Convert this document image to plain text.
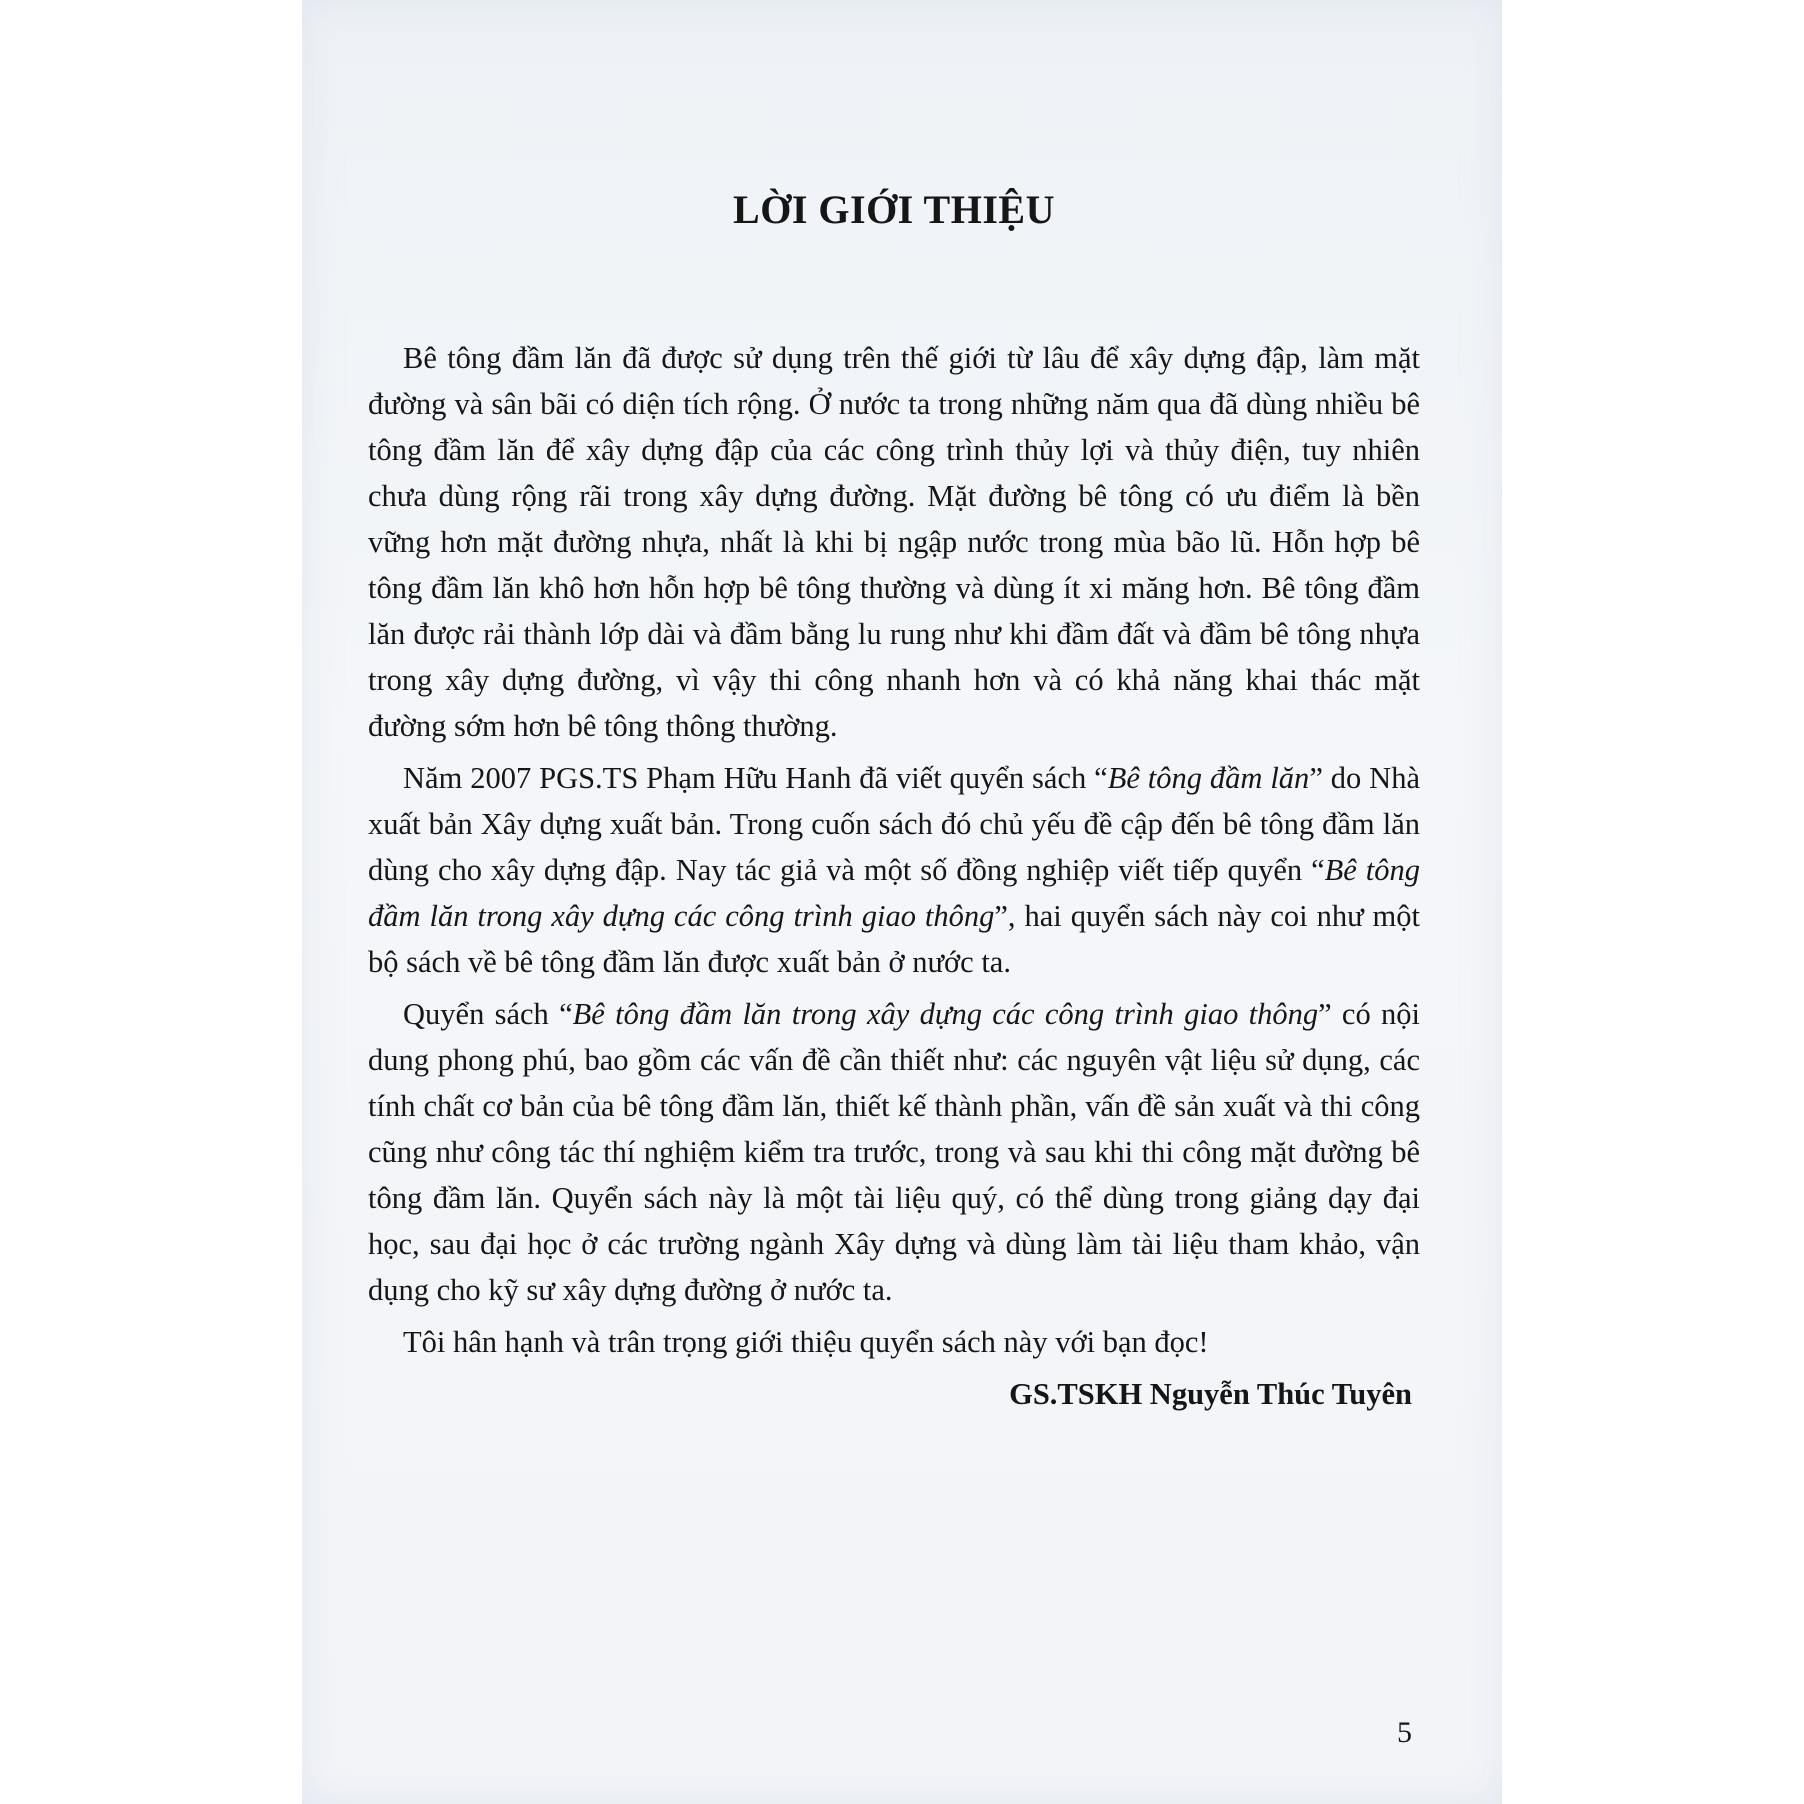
LỜI GIỚI THIỆU

Bê tông đầm lăn đã được sử dụng trên thế giới từ lâu để xây dựng đập, làm mặt đường và sân bãi có diện tích rộng. Ở nước ta trong những năm qua đã dùng nhiều bê tông đầm lăn để xây dựng đập của các công trình thủy lợi và thủy điện, tuy nhiên chưa dùng rộng rãi trong xây dựng đường. Mặt đường bê tông có ưu điểm là bền vững hơn mặt đường nhựa, nhất là khi bị ngập nước trong mùa bão lũ. Hỗn hợp bê tông đầm lăn khô hơn hỗn hợp bê tông thường và dùng ít xi măng hơn. Bê tông đầm lăn được rải thành lớp dài và đầm bằng lu rung như khi đầm đất và đầm bê tông nhựa trong xây dựng đường, vì vậy thi công nhanh hơn và có khả năng khai thác mặt đường sớm hơn bê tông thông thường.

Năm 2007 PGS.TS Phạm Hữu Hanh đã viết quyển sách “Bê tông đầm lăn” do Nhà xuất bản Xây dựng xuất bản. Trong cuốn sách đó chủ yếu đề cập đến bê tông đầm lăn dùng cho xây dựng đập. Nay tác giả và một số đồng nghiệp viết tiếp quyển “Bê tông đầm lăn trong xây dựng các công trình giao thông”, hai quyển sách này coi như một bộ sách về bê tông đầm lăn được xuất bản ở nước ta.

Quyển sách “Bê tông đầm lăn trong xây dựng các công trình giao thông” có nội dung phong phú, bao gồm các vấn đề cần thiết như: các nguyên vật liệu sử dụng, các tính chất cơ bản của bê tông đầm lăn, thiết kế thành phần, vấn đề sản xuất và thi công cũng như công tác thí nghiệm kiểm tra trước, trong và sau khi thi công mặt đường bê tông đầm lăn. Quyển sách này là một tài liệu quý, có thể dùng trong giảng dạy đại học, sau đại học ở các trường ngành Xây dựng và dùng làm tài liệu tham khảo, vận dụng cho kỹ sư xây dựng đường ở nước ta.

Tôi hân hạnh và trân trọng giới thiệu quyển sách này với bạn đọc!

GS.TSKH Nguyễn Thúc Tuyên

5
